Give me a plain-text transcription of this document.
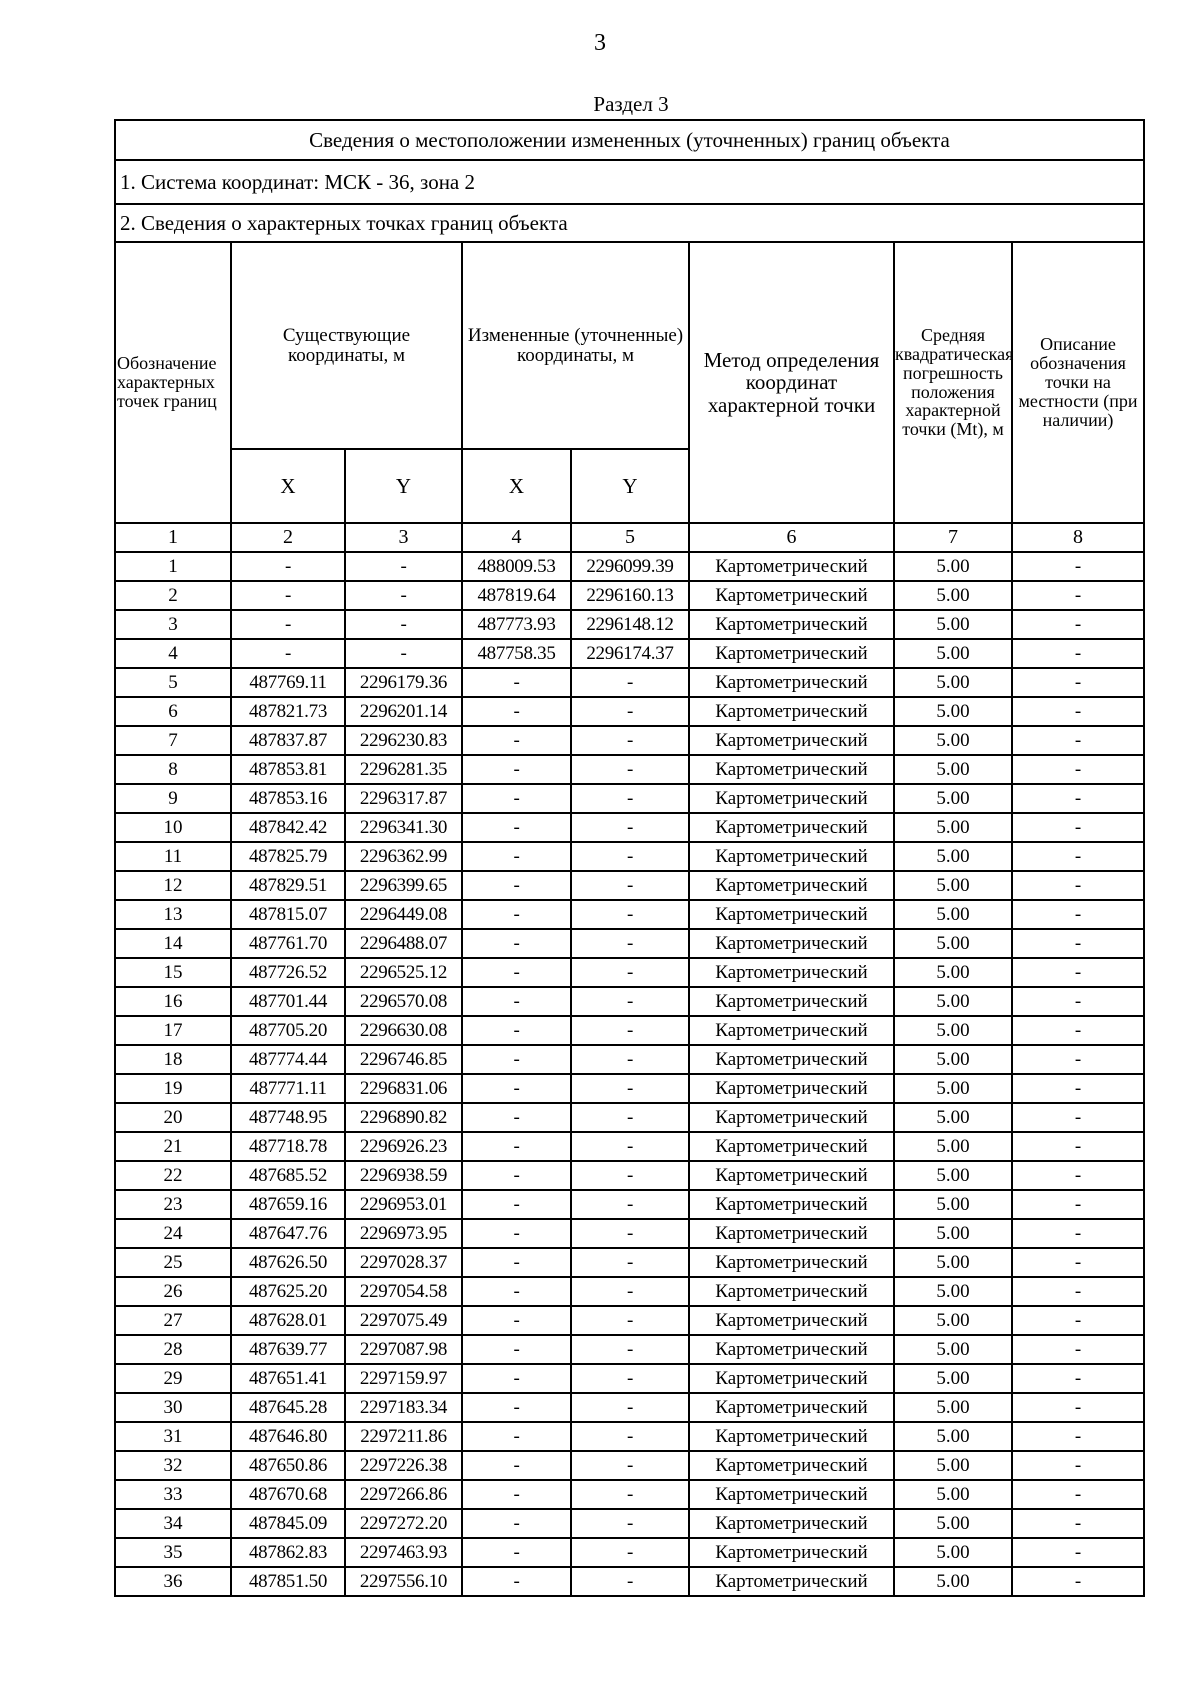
3
Раздел 3
Сведения о местоположении измененных (уточненных) границ объекта							
1. Система координат: МСК - 36, зона 2							
2. Сведения о характерных точках границ объекта							
Обозначение характерных точек границ	Существующие координаты, м		Измененные (уточненные) координаты, м		Метод определения координат характерной точки	Средняя квадратическая погрешность положения характерной точки (Mt), м	Описание обозначения точки на местности (при наличии)
	X	Y	X	Y			
1	2	3	4	5	6	7	8
1	-	-	488009.53	2296099.39	Картометрический	5.00	-
2	-	-	487819.64	2296160.13	Картометрический	5.00	-
3	-	-	487773.93	2296148.12	Картометрический	5.00	-
4	-	-	487758.35	2296174.37	Картометрический	5.00	-
5	487769.11	2296179.36	-	-	Картометрический	5.00	-
6	487821.73	2296201.14	-	-	Картометрический	5.00	-
7	487837.87	2296230.83	-	-	Картометрический	5.00	-
8	487853.81	2296281.35	-	-	Картометрический	5.00	-
9	487853.16	2296317.87	-	-	Картометрический	5.00	-
10	487842.42	2296341.30	-	-	Картометрический	5.00	-
11	487825.79	2296362.99	-	-	Картометрический	5.00	-
12	487829.51	2296399.65	-	-	Картометрический	5.00	-
13	487815.07	2296449.08	-	-	Картометрический	5.00	-
14	487761.70	2296488.07	-	-	Картометрический	5.00	-
15	487726.52	2296525.12	-	-	Картометрический	5.00	-
16	487701.44	2296570.08	-	-	Картометрический	5.00	-
17	487705.20	2296630.08	-	-	Картометрический	5.00	-
18	487774.44	2296746.85	-	-	Картометрический	5.00	-
19	487771.11	2296831.06	-	-	Картометрический	5.00	-
20	487748.95	2296890.82	-	-	Картометрический	5.00	-
21	487718.78	2296926.23	-	-	Картометрический	5.00	-
22	487685.52	2296938.59	-	-	Картометрический	5.00	-
23	487659.16	2296953.01	-	-	Картометрический	5.00	-
24	487647.76	2296973.95	-	-	Картометрический	5.00	-
25	487626.50	2297028.37	-	-	Картометрический	5.00	-
26	487625.20	2297054.58	-	-	Картометрический	5.00	-
27	487628.01	2297075.49	-	-	Картометрический	5.00	-
28	487639.77	2297087.98	-	-	Картометрический	5.00	-
29	487651.41	2297159.97	-	-	Картометрический	5.00	-
30	487645.28	2297183.34	-	-	Картометрический	5.00	-
31	487646.80	2297211.86	-	-	Картометрический	5.00	-
32	487650.86	2297226.38	-	-	Картометрический	5.00	-
33	487670.68	2297266.86	-	-	Картометрический	5.00	-
34	487845.09	2297272.20	-	-	Картометрический	5.00	-
35	487862.83	2297463.93	-	-	Картометрический	5.00	-
36	487851.50	2297556.10	-	-	Картометрический	5.00	-
